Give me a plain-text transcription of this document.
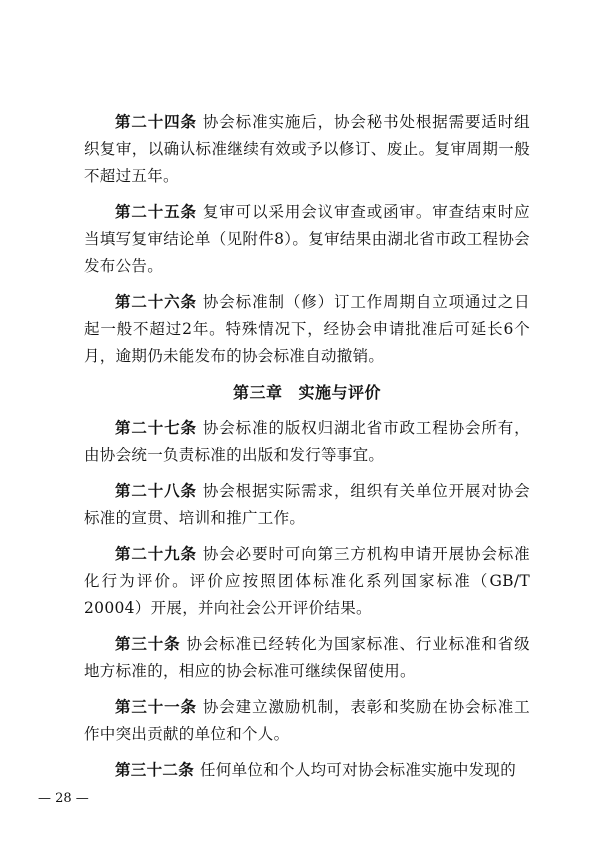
第二十四条 协会标准实施后，协会秘书处根据需要适时组织复审，以确认标准继续有效或予以修订、废止。复审周期一般不超过五年。

第二十五条 复审可以采用会议审查或函审。审查结束时应当填写复审结论单（见附件8）。复审结果由湖北省市政工程协会发布公告。

第二十六条 协会标准制（修）订工作周期自立项通过之日起一般不超过2年。特殊情况下，经协会申请批准后可延长6个月，逾期仍未能发布的协会标准自动撤销。

第三章 实施与评价

第二十七条 协会标准的版权归湖北省市政工程协会所有，由协会统一负责标准的出版和发行等事宜。

第二十八条 协会根据实际需求，组织有关单位开展对协会标准的宣贯、培训和推广工作。

第二十九条 协会必要时可向第三方机构申请开展协会标准化行为评价。评价应按照团体标准化系列国家标准（GB/T 20004）开展，并向社会公开评价结果。

第三十条 协会标准已经转化为国家标准、行业标准和省级地方标准的，相应的协会标准可继续保留使用。

第三十一条 协会建立激励机制，表彰和奖励在协会标准工作中突出贡献的单位和个人。

第三十二条 任何单位和个人均可对协会标准实施中发现的

— 28 —
